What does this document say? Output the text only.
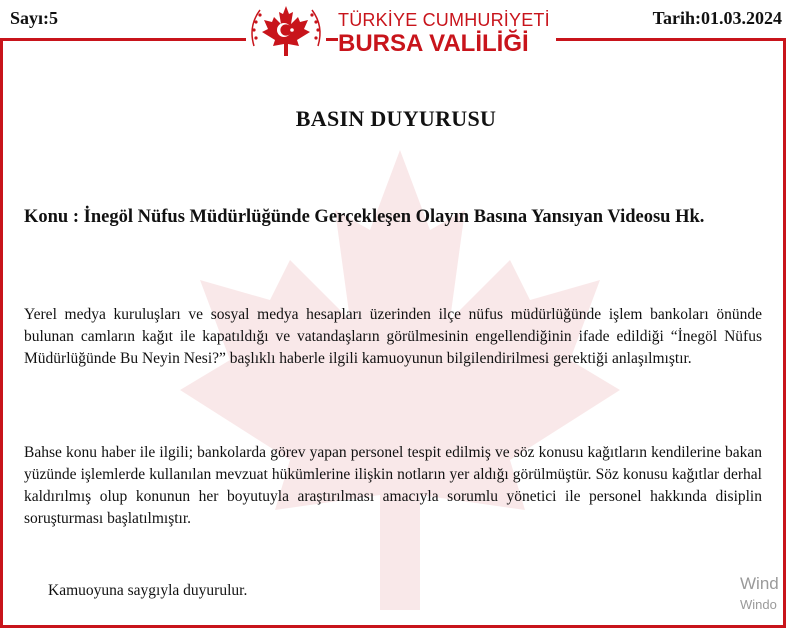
Sayı:5	TÜRKİYE CUMHURİYETİ
BURSA VALİLİĞİ
Tarih:01.03.2024
BASIN DUYURUSU
Konu : İnegöl Nüfus Müdürlüğünde Gerçekleşen Olayın Basına Yansıyan Videosu Hk.
Yerel medya kuruluşları ve sosyal medya hesapları üzerinden ilçe nüfus müdürlüğünde işlem bankoları önünde bulunan camların kağıt ile kapatıldığı ve vatandaşların görülmesinin engellendiğinin ifade edildiği “İnegöl Nüfus Müdürlüğünde Bu Neyin Nesi?” başlıklı haberle ilgili kamuoyunun bilgilendirilmesi gerektiği anlaşılmıştır.
Bahse konu haber ile ilgili; bankolarda görev yapan personel tespit edilmiş ve söz konusu kağıtların kendilerine bakan yüzünde işlemlerde kullanılan mevzuat hükümlerine ilişkin notların yer aldığı görülmüştür. Söz konusu kağıtlar derhal kaldırılmış olup konunun her boyutuyla araştırılması amacıyla sorumlu yönetici ile personel hakkında disiplin soruşturması başlatılmıştır.
Kamuoyuna saygıyla duyurulur.	Wind
Windo
